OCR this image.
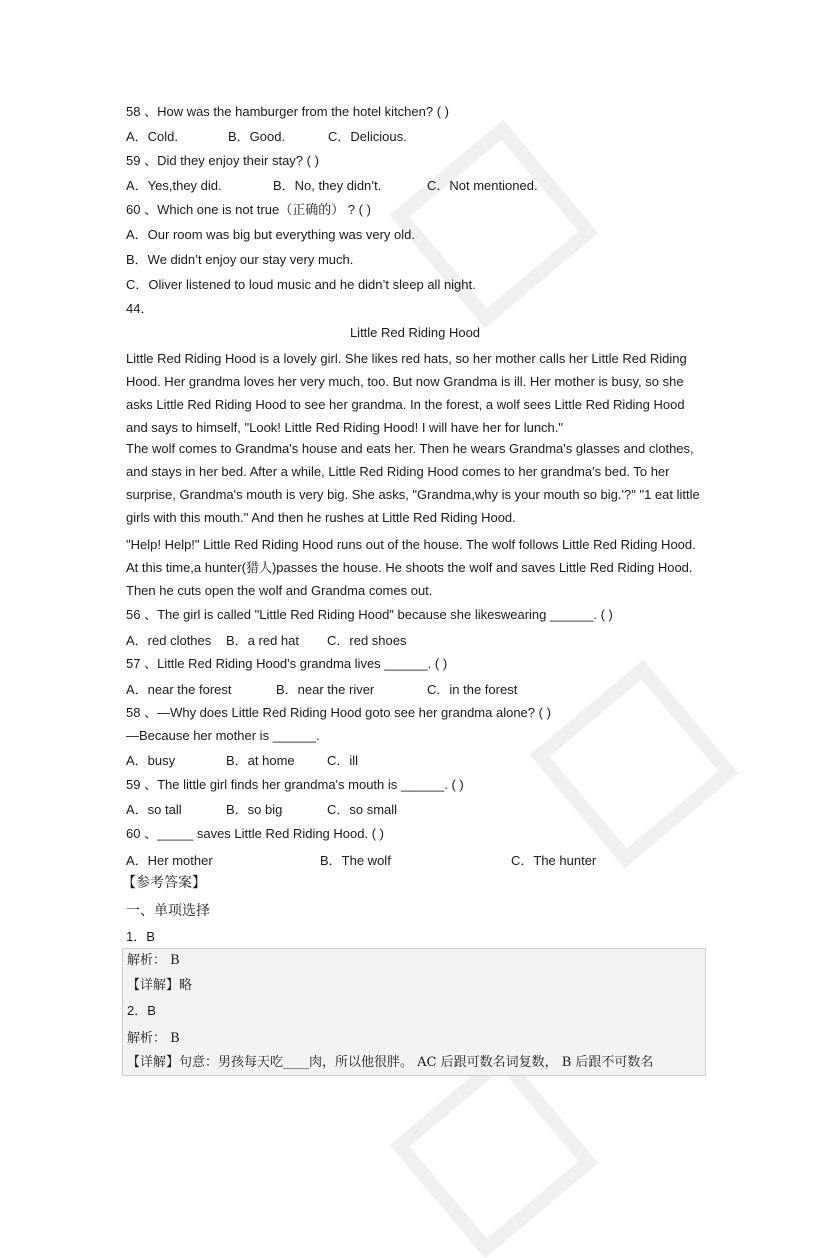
58 、How was the hamburger from the hotel kitchen? ( )
A．Cold.	B．Good.	C．Delicious.
59 、Did they enjoy their stay? ( )
A．Yes,they did.	B．No, they didn’t.	C．Not mentioned.
60 、Which one is not true（正确的） ? ( )
A．Our room was big but everything was very old.
B．We didn’t enjoy our stay very much.
C．Oliver listened to loud music and he didn’t sleep all night.
44．
Little Red Riding Hood
Little Red Riding Hood is a lovely girl. She likes red hats, so her mother calls her Little Red Riding Hood. Her grandma loves her very much, too. But now Grandma is ill. Her mother is busy, so she asks Little Red Riding Hood to see her grandma. In the forest, a wolf sees Little Red Riding Hood and says to himself, "Look! Little Red Riding Hood! I will have her for lunch."
The wolf comes to Grandma's house and eats her. Then he wears Grandma's glasses and clothes, and stays in her bed. After a while, Little Red Riding Hood comes to her grandma's bed. To her surprise, Grandma's mouth is very big. She asks, "Grandma,why is your mouth so big.'?" "1 eat little girls with this mouth." And then he rushes at Little Red Riding Hood.
"Help! Help!" Little Red Riding Hood runs out of the house. The wolf follows Little Red Riding Hood. At this time,a hunter(猎人)passes the house. He shoots the wolf and saves Little Red Riding Hood. Then he cuts open the wolf and Grandma comes out.
56 、The girl is called "Little Red Riding Hood" because she likeswearing ______. ( )
A．red clothes B．a red hat C．red shoes
57 、Little Red Riding Hood's grandma lives ______. ( )
A．near the forest	B．near the river	C．in the forest
58 、—Why does Little Red Riding Hood goto see her grandma alone? ( )
—Because her mother is ______.
A．busy	B．at home C．ill
59 、The little girl finds her grandma's mouth is ______. ( )
A．so tall	B．so big	C．so small
60 、_____ saves Little Red Riding Hood. ( )
A．Her mother	B．The wolf	C．The hunter
【参考答案】
一、单项选择
1．B
解析： B
【详解】略
2．B
解析： B
【详解】句意：男孩每天吃____肉，所以他很胖。 AC 后跟可数名词复数， B 后跟不可数名
